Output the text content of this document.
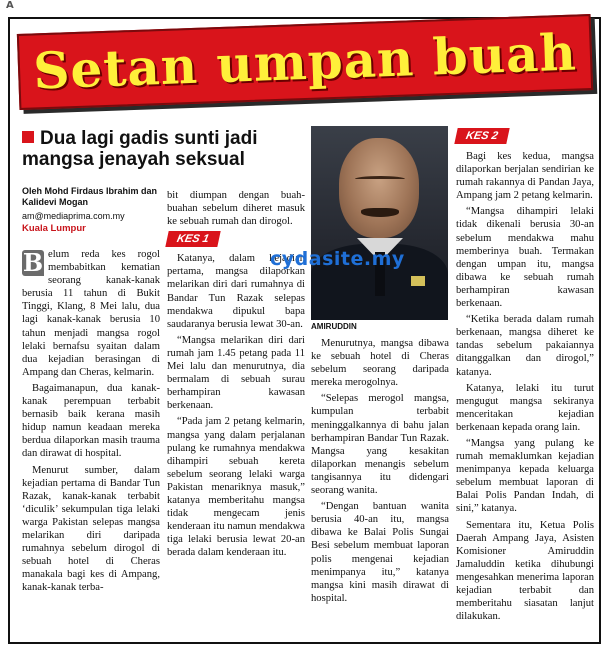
A
Setan umpan buah
Dua lagi gadis sunti jadi mangsa jenayah seksual
Oleh Mohd Firdaus Ibrahim dan Kalidevi Mogan
am@mediaprima.com.my
Kuala Lumpur

B elum reda kes rogol membabitkan kematian seorang kanak-kanak berusia 11 tahun di Bukit Tinggi, Klang, 8 Mei lalu, dua lagi kanak-kanak berusia 10 tahun menjadi mangsa rogol lelaki bernafsu syaitan dalam dua kejadian berasingan di Ampang dan Cheras, kelmarin.

Bagaimanapun, dua kanak-kanak perempuan terbabit bernasib baik kerana masih hidup namun keadaan mereka berdua dilaporkan masih trauma dan dirawat di hospital.

Menurut sumber, dalam kejadian pertama di Bandar Tun Razak, kanak-kanak terbabit ‘diculik’ sekumpulan tiga lelaki warga Pakistan selepas mangsa melarikan diri daripada rumahnya sebelum dirogol di sebuah hotel di Cheras manakala bagi kes di Ampang, kanak-kanak terba-

bit diumpan dengan buah-buahan sebelum diheret masuk ke sebuah rumah dan dirogol.

KES 1

Katanya, dalam kejadian pertama, mangsa dilaporkan melarikan diri dari rumahnya di Bandar Tun Razak selepas mendakwa dipukul bapa saudaranya berusia lewat 30-an.

“Mangsa melarikan diri dari rumah jam 1.45 petang pada 11 Mei lalu dan menurutnya, dia bermalam di sebuah surau berhampiran kawasan berkenaan.

“Pada jam 2 petang kelmarin, mangsa yang dalam perjalanan pulang ke rumahnya mendakwa dihampiri sebuah kereta sebelum seorang lelaki warga Pakistan menariknya masuk,” katanya memberitahu mangsa tidak mengecam jenis kenderaan itu namun mendakwa tiga lelaki berusia lewat 20-an berada dalam kenderaan itu.

AMIRUDDIN

Menurutnya, mangsa dibawa ke sebuah hotel di Cheras sebelum seorang daripada mereka merogolnya.

“Selepas merogol mangsa, kumpulan terbabit meninggalkannya di bahu jalan berhampiran Bandar Tun Razak. Mangsa yang kesakitan dilaporkan menangis sebelum tangisannya itu didengari seorang wanita.

“Dengan bantuan wanita berusia 40-an itu, mangsa dibawa ke Balai Polis Sungai Besi sebelum membuat laporan polis mengenai kejadian menimpanya itu,” katanya mangsa kini masih dirawat di hospital.

KES 2

Bagi kes kedua, mangsa dilaporkan berjalan sendirian ke rumah rakannya di Pandan Jaya, Ampang jam 2 petang kelmarin.

“Mangsa dihampiri lelaki tidak dikenali berusia 30-an sebelum mendakwa mahu memberinya buah. Termakan dengan umpan itu, mangsa dibawa ke sebuah rumah berhampiran kawasan berkenaan.

“Ketika berada dalam rumah berkenaan, mangsa diheret ke tandas sebelum pakaiannya ditanggalkan dan dirogol,” katanya.

Katanya, lelaki itu turut mengugut mangsa sekiranya menceritakan kejadian berkenaan kepada orang lain.

“Mangsa yang pulang ke rumah memaklumkan kejadian menimpanya kepada keluarga sebelum membuat laporan di Balai Polis Pandan Indah, di sini,” katanya.

Sementara itu, Ketua Polis Daerah Ampang Jaya, Asisten Komisioner Amiruddin Jamaluddin ketika dihubungi mengesahkan menerima laporan kejadian terbabit dan memberitahu siasatan lanjut dilakukan.

cydasite.my
